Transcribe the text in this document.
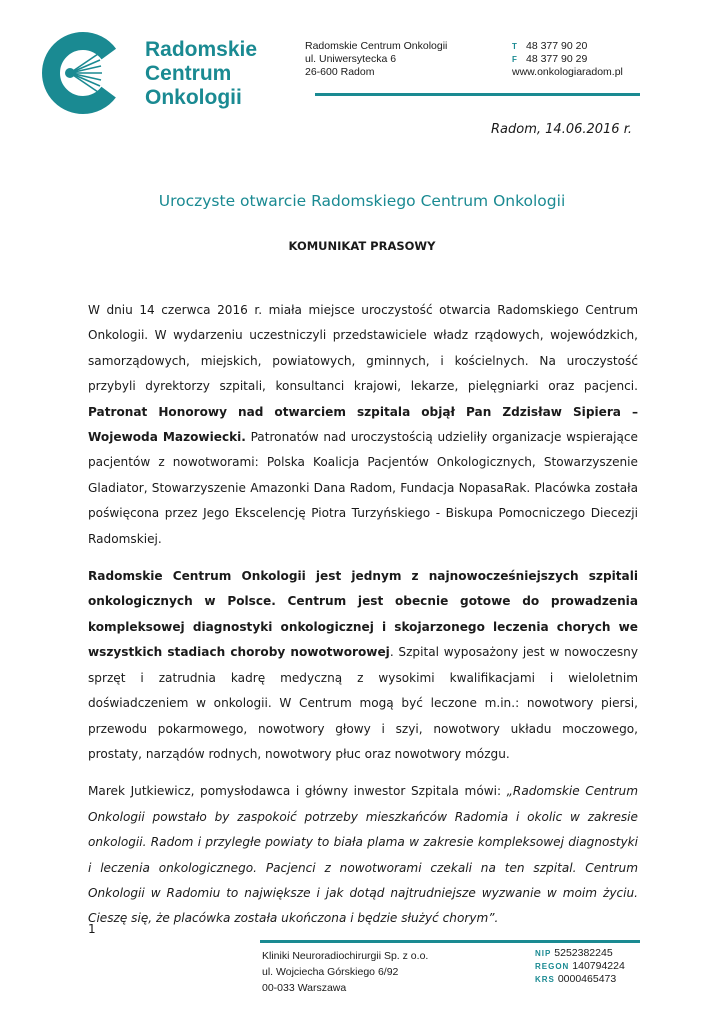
Radomskie
Centrum
Onkologii
Radomskie Centrum Onkologii
ul. Uniwersytecka 6
26-600 Radom
T 48 377 90 20
F 48 377 90 29
www.onkologiaradom.pl
Radom, 14.06.2016 r.
Uroczyste otwarcie Radomskiego Centrum Onkologii
KOMUNIKAT PRASOWY

W dniu 14 czerwca 2016 r. miała miejsce uroczystość otwarcia Radomskiego Centrum Onkologii. W wydarzeniu uczestniczyli przedstawiciele władz rządowych, wojewódzkich, samorządowych, miejskich, powiatowych, gminnych, i kościelnych. Na uroczystość przybyli dyrektorzy szpitali, konsultanci krajowi, lekarze, pielęgniarki oraz pacjenci. Patronat Honorowy nad otwarciem szpitala objął Pan Zdzisław Sipiera – Wojewoda Mazowiecki. Patronatów nad uroczystością udzieliły organizacje wspierające pacjentów z nowotworami: Polska Koalicja Pacjentów Onkologicznych, Stowarzyszenie Gladiator, Stowarzyszenie Amazonki Dana Radom, Fundacja NopasaRak. Placówka została poświęcona przez Jego Ekscelencję Piotra Turzyńskiego - Biskupa Pomocniczego Diecezji Radomskiej.

Radomskie Centrum Onkologii jest jednym z najnowocześniejszych szpitali onkologicznych w Polsce. Centrum jest obecnie gotowe do prowadzenia kompleksowej diagnostyki onkologicznej i skojarzonego leczenia chorych we wszystkich stadiach choroby nowotworowej. Szpital wyposażony jest w nowoczesny sprzęt i zatrudnia kadrę medyczną z wysokimi kwalifikacjami i wieloletnim doświadczeniem w onkologii. W Centrum mogą być leczone m.in.: nowotwory piersi, przewodu pokarmowego, nowotwory głowy i szyi, nowotwory układu moczowego, prostaty, narządów rodnych, nowotwory płuc oraz nowotwory mózgu.

Marek Jutkiewicz, pomysłodawca i główny inwestor Szpitala mówi: „Radomskie Centrum Onkologii powstało by zaspokoić potrzeby mieszkańców Radomia i okolic w zakresie onkologii. Radom i przyległe powiaty to biała plama w zakresie kompleksowej diagnostyki i leczenia onkologicznego. Pacjenci z nowotworami czekali na ten szpital. Centrum Onkologii w Radomiu to największe i jak dotąd najtrudniejsze wyzwanie w moim życiu. Cieszę się, że placówka została ukończona i będzie służyć chorym”.

1
Kliniki Neuroradiochirurgii Sp. z o.o.
ul. Wojciecha Górskiego 6/92
00-033 Warszawa
NIP 5252382245
REGON 140794224
KRS 0000465473
